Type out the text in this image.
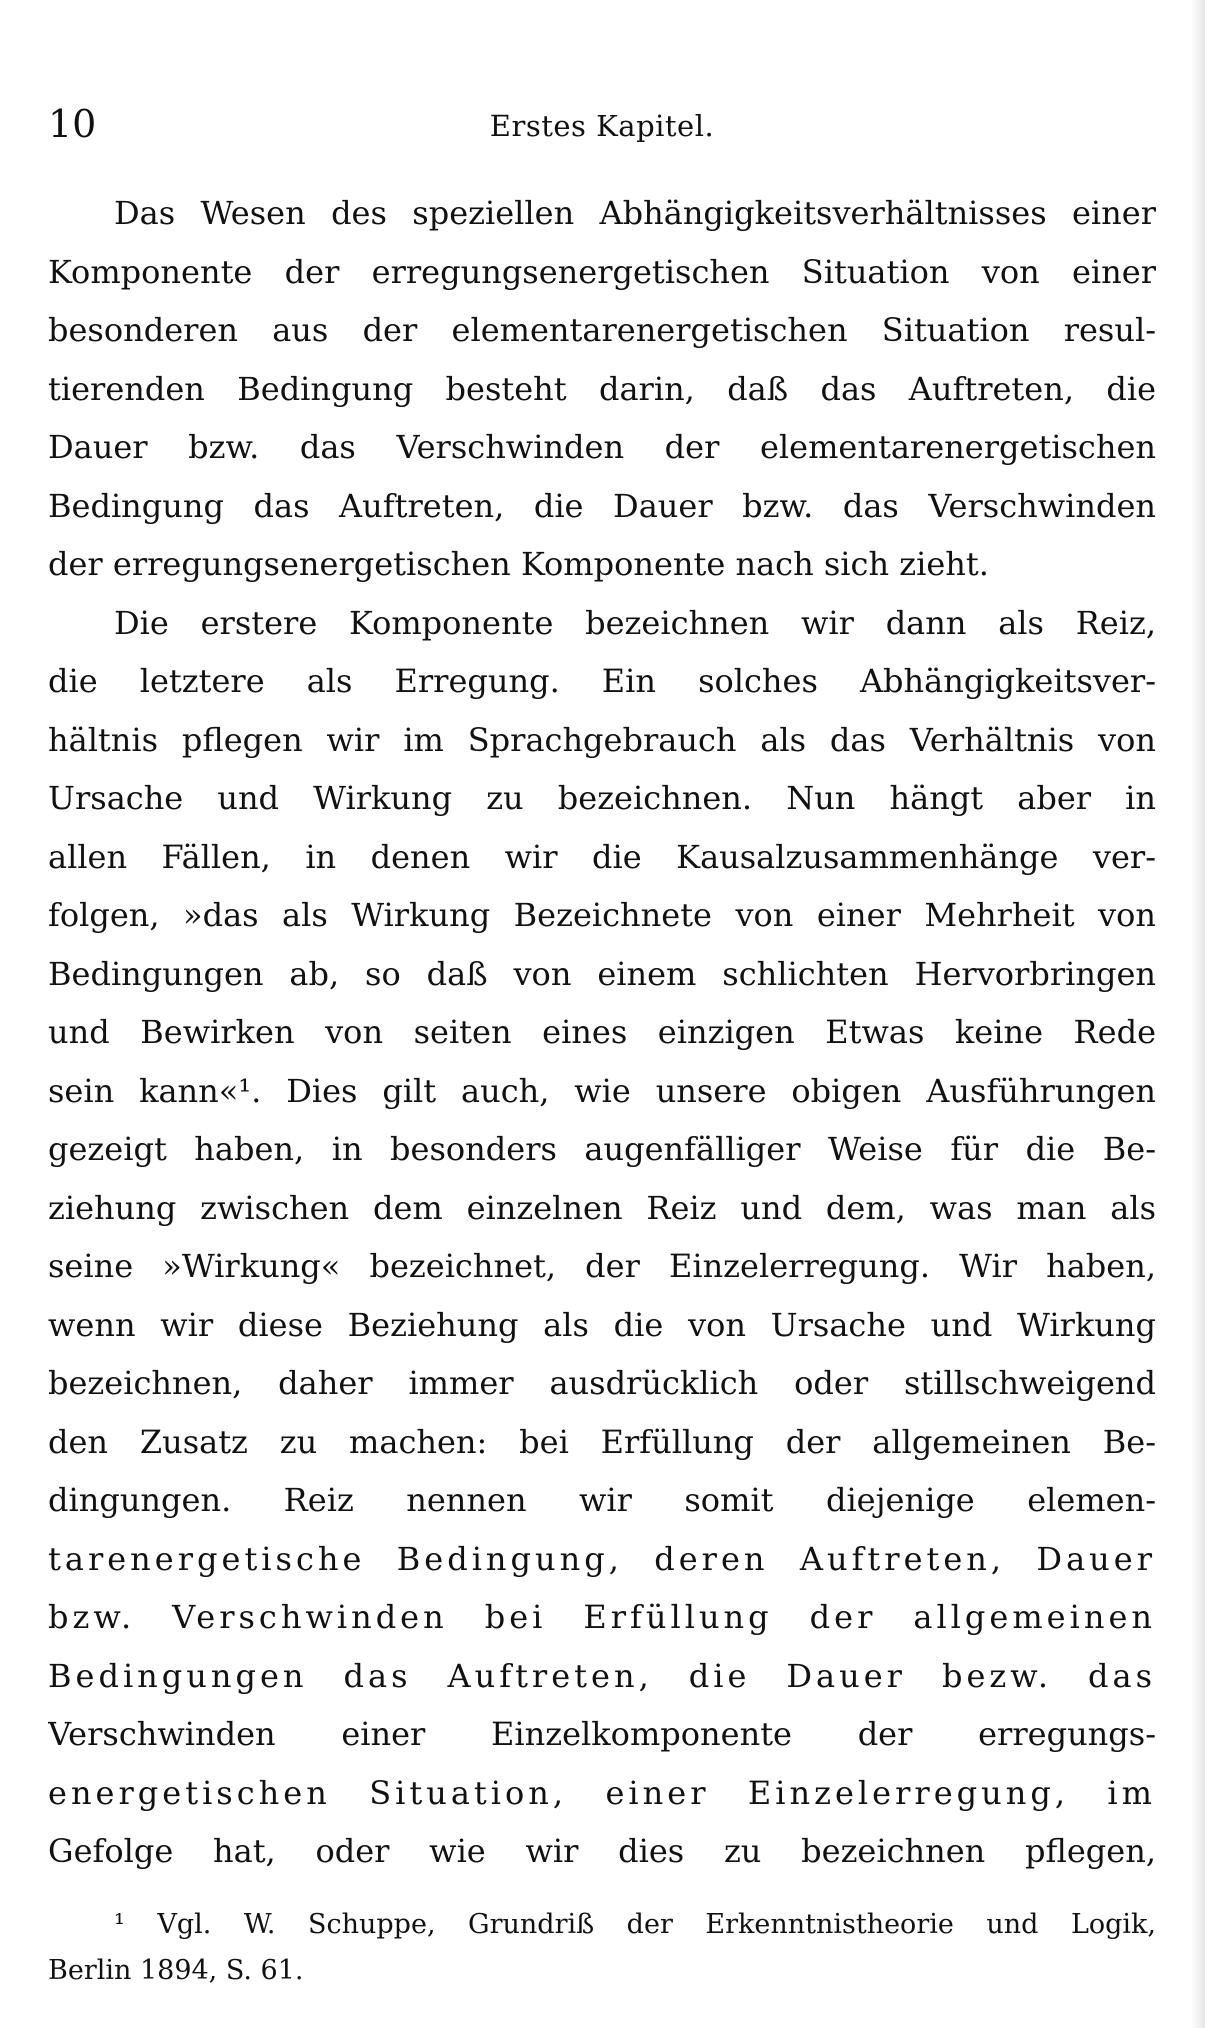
10	Erstes Kapitel.
Das Wesen des speziellen Abhängigkeitsverhältnisses einer
Komponente der erregungsenergetischen Situation von einer
besonderen aus der elementarenergetischen Situation resul-
tierenden Bedingung besteht darin, daß das Auftreten, die
Dauer bzw. das Verschwinden der elementarenergetischen
Bedingung das Auftreten, die Dauer bzw. das Verschwinden
der erregungsenergetischen Komponente nach sich zieht.
Die erstere Komponente bezeichnen wir dann als Reiz,
die letztere als Erregung. Ein solches Abhängigkeitsver-
hältnis pflegen wir im Sprachgebrauch als das Verhältnis von
Ursache und Wirkung zu bezeichnen. Nun hängt aber in
allen Fällen, in denen wir die Kausalzusammenhänge ver-
folgen, »das als Wirkung Bezeichnete von einer Mehrheit von
Bedingungen ab, so daß von einem schlichten Hervorbringen
und Bewirken von seiten eines einzigen Etwas keine Rede
sein kann«¹. Dies gilt auch, wie unsere obigen Ausführungen
gezeigt haben, in besonders augenfälliger Weise für die Be-
ziehung zwischen dem einzelnen Reiz und dem, was man als
seine »Wirkung« bezeichnet, der Einzelerregung. Wir haben,
wenn wir diese Beziehung als die von Ursache und Wirkung
bezeichnen, daher immer ausdrücklich oder stillschweigend
den Zusatz zu machen: bei Erfüllung der allgemeinen Be-
dingungen. Reiz nennen wir somit diejenige elemen-
tarenergetische Bedingung, deren Auftreten, Dauer
bzw. Verschwinden bei Erfüllung der allgemeinen
Bedingungen das Auftreten, die Dauer bezw. das
Verschwinden einer Einzelkomponente der erregungs-
energetischen Situation, einer Einzelerregung, im
Gefolge hat, oder wie wir dies zu bezeichnen pflegen,
¹ Vgl. W. Schuppe, Grundriß der Erkenntnistheorie und Logik,
Berlin 1894, S. 61.
